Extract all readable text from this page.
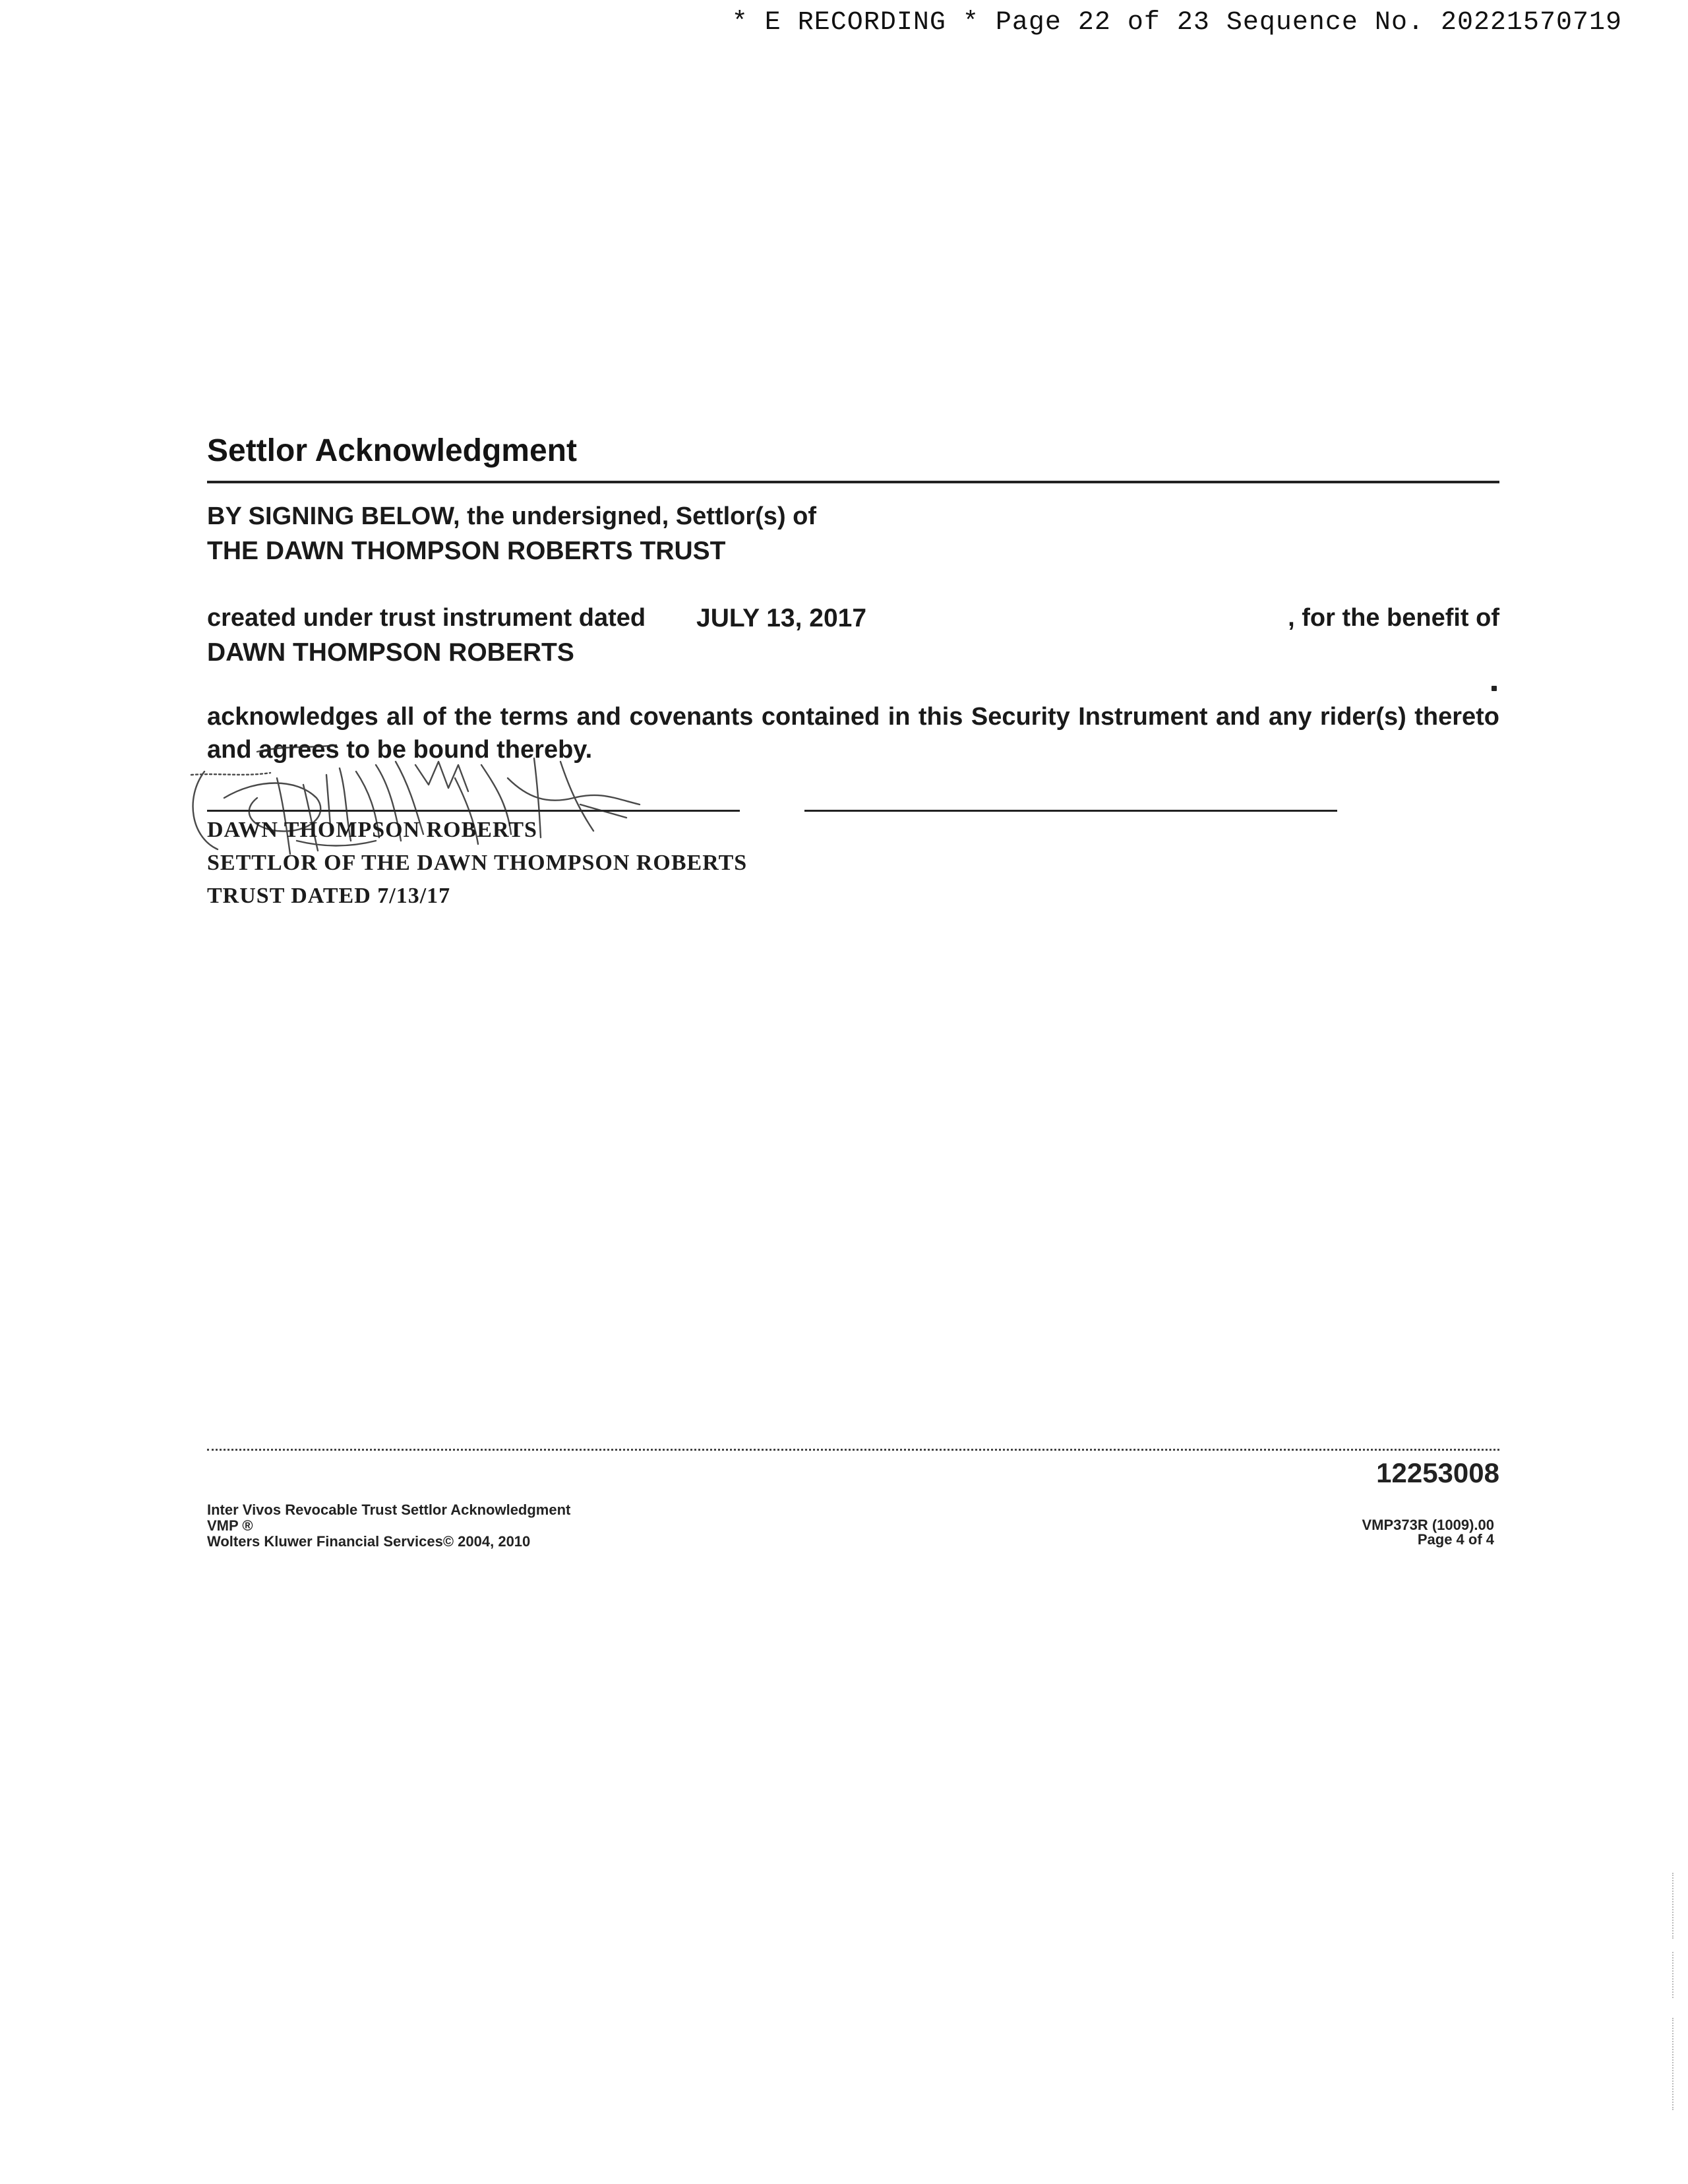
* E RECORDING * Page 22 of 23 Sequence No. 20221570719
Settlor Acknowledgment
BY SIGNING BELOW, the undersigned, Settlor(s) of
THE DAWN THOMPSON ROBERTS TRUST
created under trust instrument dated JULY 13, 2017	, for the benefit of
DAWN THOMPSON ROBERTS
acknowledges all of the terms and covenants contained in this Security Instrument and any rider(s) thereto and agrees to be bound thereby.
DAWN THOMPSON ROBERTS
SETTLOR OF THE DAWN THOMPSON ROBERTS
TRUST DATED 7/13/17
12253008
Inter Vivos Revocable Trust Settlor Acknowledgment
VMP ®
Wolters Kluwer Financial Services© 2004, 2010
VMP373R (1009).00
Page 4 of 4
